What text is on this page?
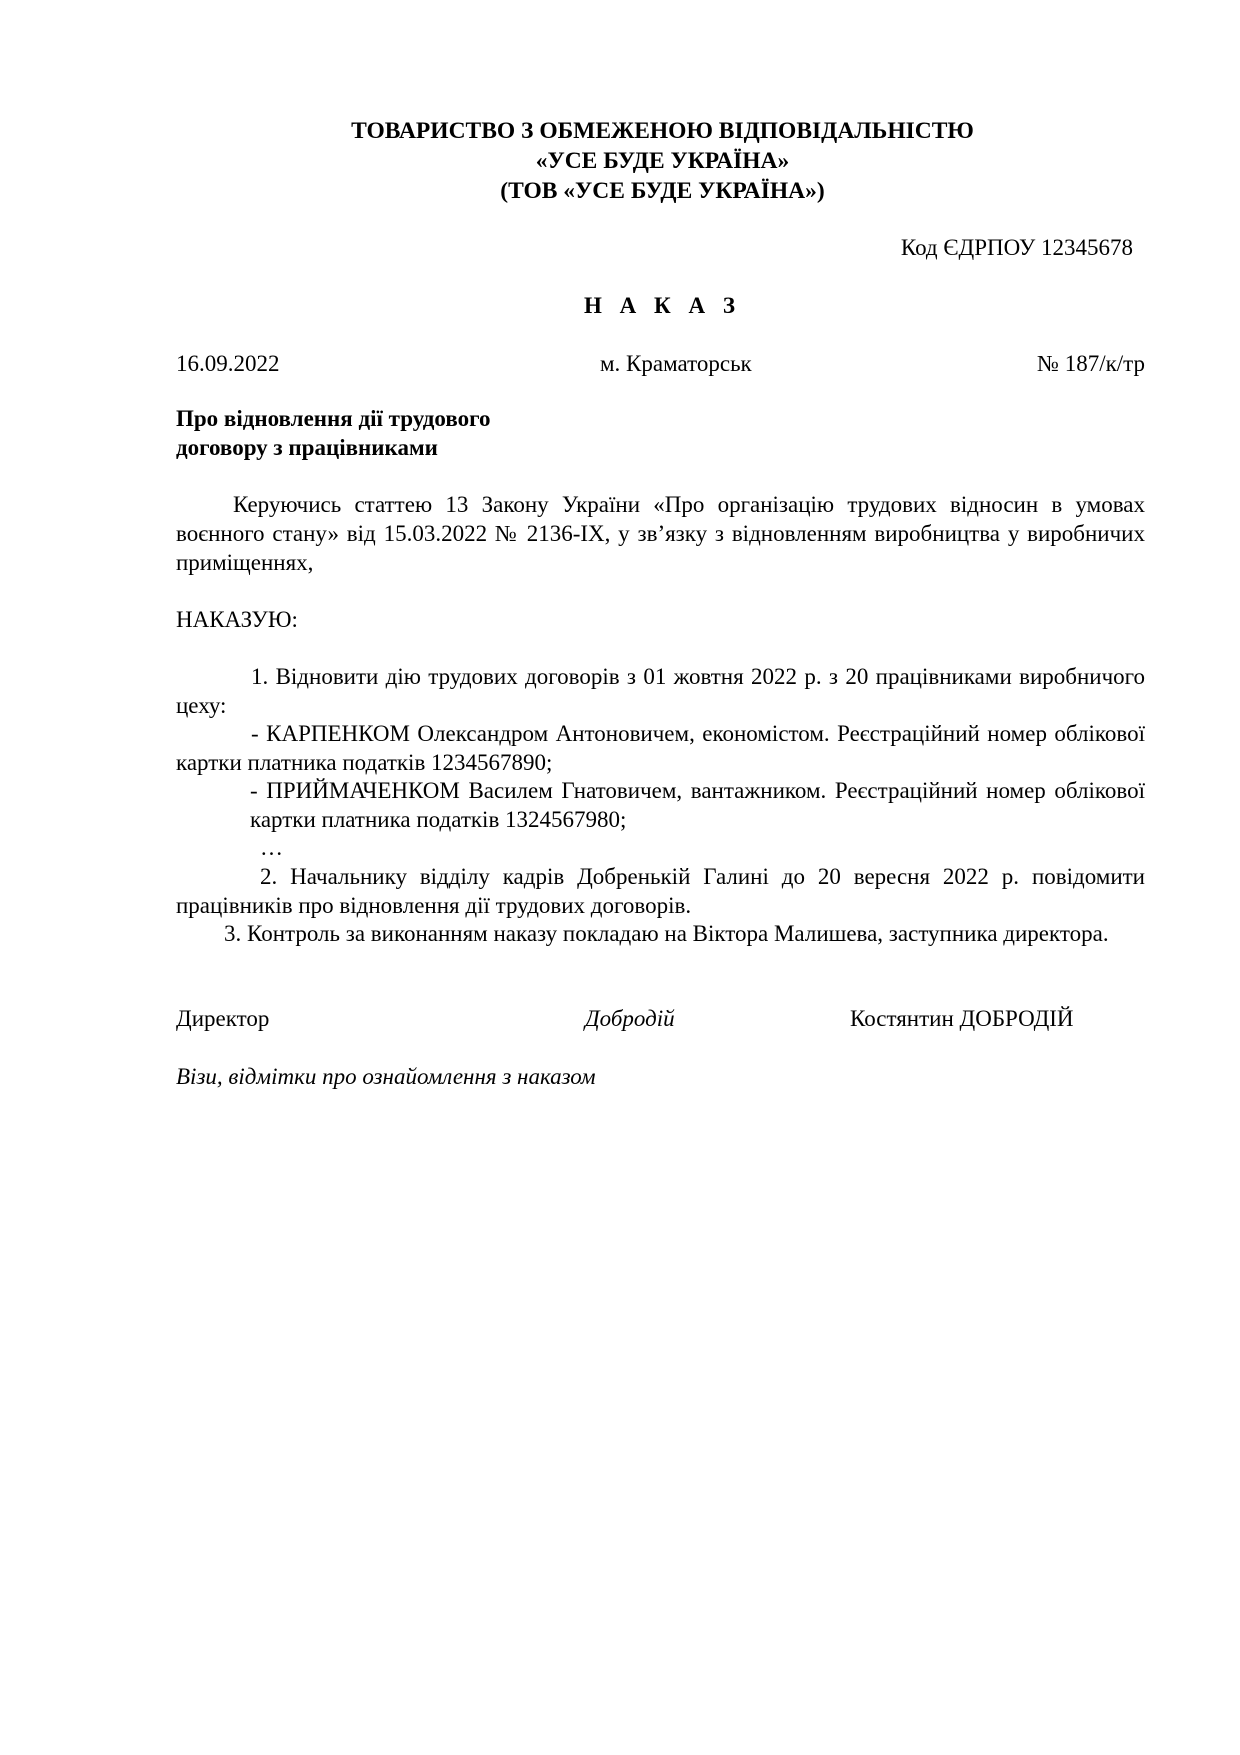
ТОВАРИСТВО З ОБМЕЖЕНОЮ ВІДПОВІДАЛЬНІСТЮ
«УСЕ БУДЕ УКРАЇНА»
(ТОВ «УСЕ БУДЕ УКРАЇНА»)
Код ЄДРПОУ 12345678
Н А К А З
16.09.2022	м. Краматорськ	№ 187/к/тр
Про відновлення дії трудового
договору з працівниками

Керуючись статтею 13 Закону України «Про організацію трудових відносин в умовах воєнного стану» від 15.03.2022 № 2136-IX, у зв’язку з відновленням виробництва у виробничих приміщеннях,

НАКАЗУЮ:

1. Відновити дію трудових договорів з 01 жовтня 2022 р. з 20 працівниками виробничого цеху:

- КАРПЕНКОМ Олександром Антоновичем, економістом. Реєстраційний номер облікової картки платника податків 1234567890;

- ПРИЙМАЧЕНКОМ Василем Гнатовичем, вантажником. Реєстраційний номер облікової картки платника податків 1324567980;

…

2. Начальнику відділу кадрів Добренькій Галині до 20 вересня 2022 р. повідомити працівників про відновлення дії трудових договорів.

3. Контроль за виконанням наказу покладаю на Віктора Малишева, заступника директора.

Директор	Добродій	Костянтин ДОБРОДІЙ

Візи, відмітки про ознайомлення з наказом
